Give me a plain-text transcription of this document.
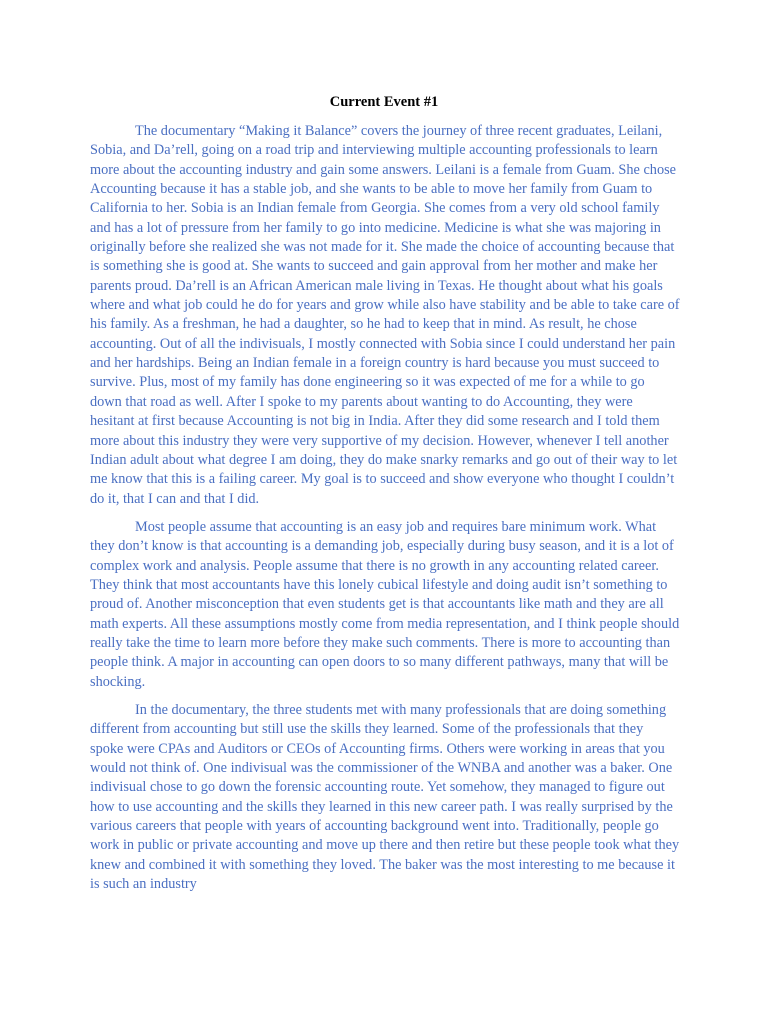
Current Event #1

The documentary “Making it Balance” covers the journey of three recent graduates, Leilani, Sobia, and Da’rell, going on a road trip and interviewing multiple accounting professionals to learn more about the accounting industry and gain some answers. Leilani is a female from Guam. She chose Accounting because it has a stable job, and she wants to be able to move her family from Guam to California to her. Sobia is an Indian female from Georgia. She comes from a very old school family and has a lot of pressure from her family to go into medicine. Medicine is what she was majoring in originally before she realized she was not made for it. She made the choice of accounting because that is something she is good at. She wants to succeed and gain approval from her mother and make her parents proud. Da’rell is an African American male living in Texas. He thought about what his goals where and what job could he do for years and grow while also have stability and be able to take care of his family. As a freshman, he had a daughter, so he had to keep that in mind. As result, he chose accounting. Out of all the indivisuals, I mostly connected with Sobia since I could understand her pain and her hardships. Being an Indian female in a foreign country is hard because you must succeed to survive. Plus, most of my family has done engineering so it was expected of me for a while to go down that road as well. After I spoke to my parents about wanting to do Accounting, they were hesitant at first because Accounting is not big in India. After they did some research and I told them more about this industry they were very supportive of my decision. However, whenever I tell another Indian adult about what degree I am doing, they do make snarky remarks and go out of their way to let me know that this is a failing career. My goal is to succeed and show everyone who thought I couldn’t do it, that I can and that I did.

Most people assume that accounting is an easy job and requires bare minimum work. What they don’t know is that accounting is a demanding job, especially during busy season, and it is a lot of complex work and analysis. People assume that there is no growth in any accounting related career. They think that most accountants have this lonely cubical lifestyle and doing audit isn’t something to proud of. Another misconception that even students get is that accountants like math and they are all math experts. All these assumptions mostly come from media representation, and I think people should really take the time to learn more before they make such comments. There is more to accounting than people think. A major in accounting can open doors to so many different pathways, many that will be shocking.

In the documentary, the three students met with many professionals that are doing something different from accounting but still use the skills they learned. Some of the professionals that they spoke were CPAs and Auditors or CEOs of Accounting firms. Others were working in areas that you would not think of. One indivisual was the commissioner of the WNBA and another was a baker. One indivisual chose to go down the forensic accounting route. Yet somehow, they managed to figure out how to use accounting and the skills they learned in this new career path. I was really surprised by the various careers that people with years of accounting background went into. Traditionally, people go work in public or private accounting and move up there and then retire but these people took what they knew and combined it with something they loved. The baker was the most interesting to me because it is such an industry
